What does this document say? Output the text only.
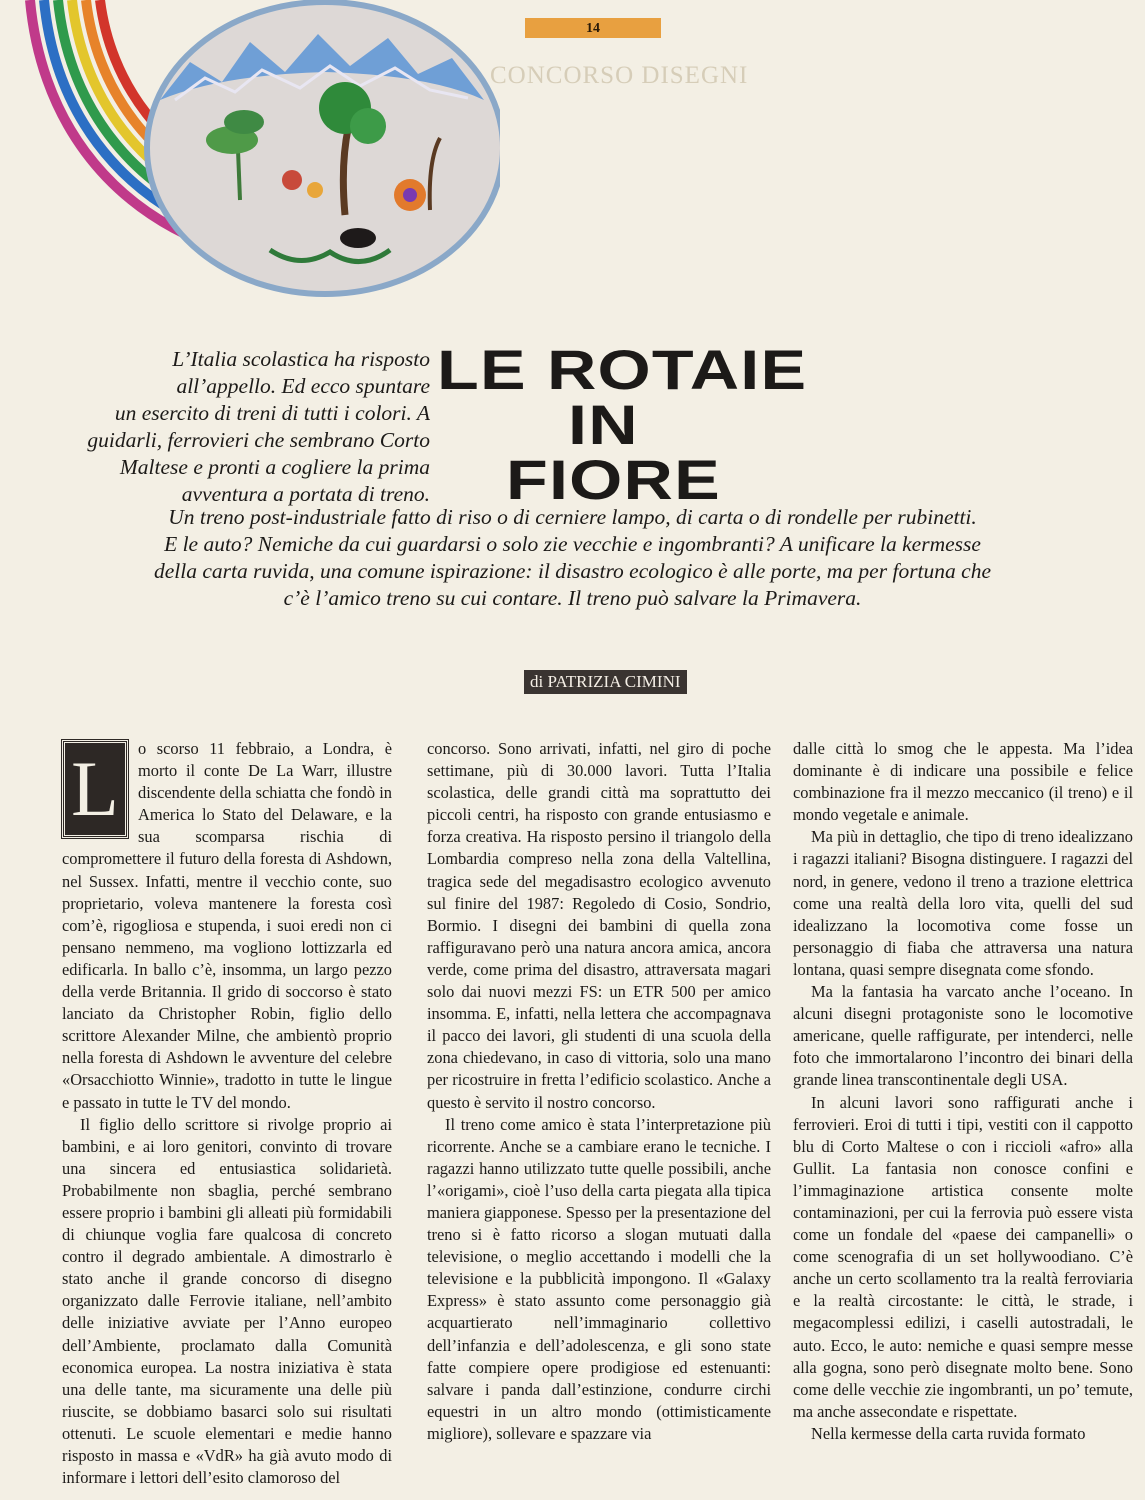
14
CONCORSO DISEGNI
L’Italia scolastica ha risposto
all’appello. Ed ecco spuntare
un esercito di treni di tutti i colori. A
guidarli, ferrovieri che sembrano Corto
Maltese e pronti a cogliere la prima
avventura a portata di treno.
LE ROTAIE
IN
FIORE
Un treno post-industriale fatto di riso o di cerniere lampo, di carta o di rondelle per rubinetti.
E le auto? Nemiche da cui guardarsi o solo zie vecchie e ingombranti? A unificare la kermesse
della carta ruvida, una comune ispirazione: il disastro ecologico è alle porte, ma per fortuna che
c’è l’amico treno su cui contare. Il treno può salvare la Primavera.
di PATRIZIA CIMINI

L	o scorso 11 febbraio, a Londra, è morto il conte De La Warr, illustre discendente della schiatta che fondò in America lo Stato del Delaware, e la sua scomparsa rischia di compromettere il futuro della foresta di Ashdown, nel Sussex. Infatti, mentre il vecchio conte, suo proprietario, voleva mantenere la foresta così com’è, rigogliosa e stupenda, i suoi eredi non ci pensano nemmeno, ma vogliono lottizzarla ed edificarla. In ballo c’è, insomma, un largo pezzo della verde Britannia. Il grido di soccorso è stato lanciato da Christopher Robin, figlio dello scrittore Alexander Milne, che ambientò proprio nella foresta di Ashdown le avventure del celebre «Orsacchiotto Winnie», tradotto in tutte le lingue e passato in tutte le TV del mondo.

Il figlio dello scrittore si rivolge proprio ai bambini, e ai loro genitori, convinto di trovare una sincera ed entusiastica solidarietà. Probabilmente non sbaglia, perché sembrano essere proprio i bambini gli alleati più formidabili di chiunque voglia fare qualcosa di concreto contro il degrado ambientale. A dimostrarlo è stato anche il grande concorso di disegno organizzato dalle Ferrovie italiane, nell’ambito delle iniziative avviate per l’Anno europeo dell’Ambiente, proclamato dalla Comunità economica europea. La nostra iniziativa è stata una delle tante, ma sicuramente una delle più riuscite, se dobbiamo basarci solo sui risultati ottenuti. Le scuole elementari e medie hanno risposto in massa e «VdR» ha già avuto modo di informare i lettori dell’esito clamoroso del

concorso. Sono arrivati, infatti, nel giro di poche settimane, più di 30.000 lavori. Tutta l’Italia scolastica, delle grandi città ma soprattutto dei piccoli centri, ha risposto con grande entusiasmo e forza creativa. Ha risposto persino il triangolo della Lombardia compreso nella zona della Valtellina, tragica sede del megadisastro ecologico avvenuto sul finire del 1987: Regoledo di Cosio, Sondrio, Bormio. I disegni dei bambini di quella zona raffiguravano però una natura ancora amica, ancora verde, come prima del disastro, attraversata magari solo dai nuovi mezzi FS: un ETR 500 per amico insomma. E, infatti, nella lettera che accompagnava il pacco dei lavori, gli studenti di una scuola della zona chiedevano, in caso di vittoria, solo una mano per ricostruire in fretta l’edificio scolastico. Anche a questo è servito il nostro concorso.

Il treno come amico è stata l’interpretazione più ricorrente. Anche se a cambiare erano le tecniche. I ragazzi hanno utilizzato tutte quelle possibili, anche l’«origami», cioè l’uso della carta piegata alla tipica maniera giapponese. Spesso per la presentazione del treno si è fatto ricorso a slogan mutuati dalla televisione, o meglio accettando i modelli che la televisione e la pubblicità impongono. Il «Galaxy Express» è stato assunto come personaggio già acquartierato nell’immaginario collettivo dell’infanzia e dell’adolescenza, e gli sono state fatte compiere opere prodigiose ed estenuanti: salvare i panda dall’estinzione, condurre circhi equestri in un altro mondo (ottimisticamente migliore), sollevare e spazzare via

dalle città lo smog che le appesta. Ma l’idea dominante è di indicare una possibile e felice combinazione fra il mezzo meccanico (il treno) e il mondo vegetale e animale.

Ma più in dettaglio, che tipo di treno idealizzano i ragazzi italiani? Bisogna distinguere. I ragazzi del nord, in genere, vedono il treno a trazione elettrica come una realtà della loro vita, quelli del sud idealizzano la locomotiva come fosse un personaggio di fiaba che attraversa una natura lontana, quasi sempre disegnata come sfondo.

Ma la fantasia ha varcato anche l’oceano. In alcuni disegni protagoniste sono le locomotive americane, quelle raffigurate, per intenderci, nelle foto che immortalarono l’incontro dei binari della grande linea transcontinentale degli USA.

In alcuni lavori sono raffigurati anche i ferrovieri. Eroi di tutti i tipi, vestiti con il cappotto blu di Corto Maltese o con i riccioli «afro» alla Gullit. La fantasia non conosce confini e l’immaginazione artistica consente molte contaminazioni, per cui la ferrovia può essere vista come un fondale del «paese dei campanelli» o come scenografia di un set hollywoodiano. C’è anche un certo scollamento tra la realtà ferroviaria e la realtà circostante: le città, le strade, i megacomplessi edilizi, i caselli autostradali, le auto. Ecco, le auto: nemiche e quasi sempre messe alla gogna, sono però disegnate molto bene. Sono come delle vecchie zie ingombranti, un po’ temute, ma anche assecondate e rispettate.

Nella kermesse della carta ruvida formato
